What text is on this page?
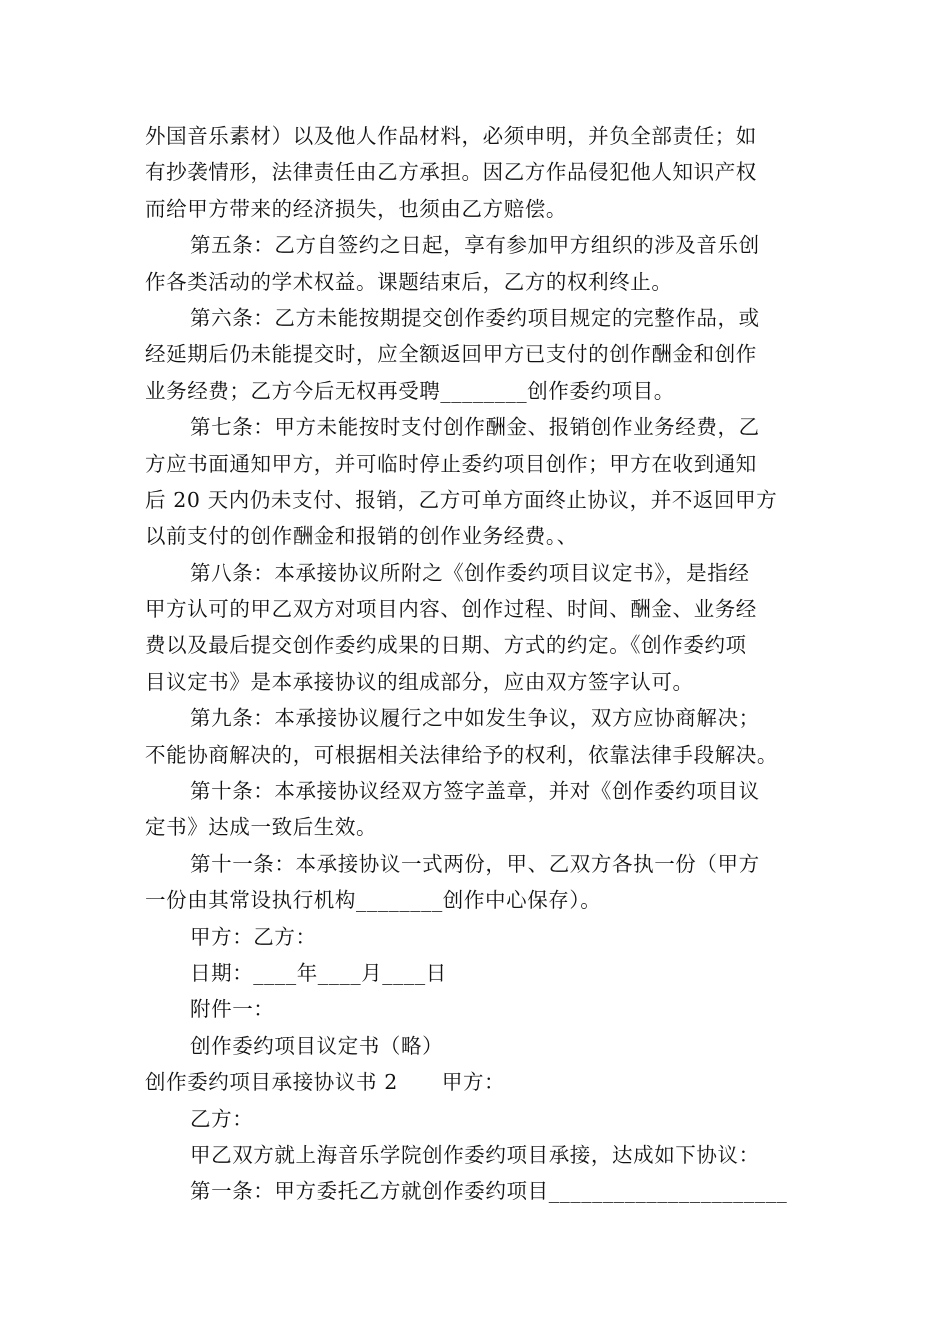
外国音乐素材）以及他人作品材料，必须申明，并负全部责任；如
有抄袭情形，法律责任由乙方承担。因乙方作品侵犯他人知识产权
而给甲方带来的经济损失，也须由乙方赔偿。
第五条：乙方自签约之日起，享有参加甲方组织的涉及音乐创
作各类活动的学术权益。课题结束后，乙方的权利终止。
第六条：乙方未能按期提交创作委约项目规定的完整作品，或
经延期后仍未能提交时，应全额返回甲方已支付的创作酬金和创作
业务经费；乙方今后无权再受聘________创作委约项目。
第七条：甲方未能按时支付创作酬金、报销创作业务经费，乙
方应书面通知甲方，并可临时停止委约项目创作；甲方在收到通知
后 20 天内仍未支付、报销，乙方可单方面终止协议，并不返回甲方
以前支付的创作酬金和报销的创作业务经费。、
第八条：本承接协议所附之《创作委约项目议定书》，是指经
甲方认可的甲乙双方对项目内容、创作过程、时间、酬金、业务经
费以及最后提交创作委约成果的日期、方式的约定。《创作委约项
目议定书》是本承接协议的组成部分，应由双方签字认可。
第九条：本承接协议履行之中如发生争议，双方应协商解决；
不能协商解决的，可根据相关法律给予的权利，依靠法律手段解决。
第十条：本承接协议经双方签字盖章，并对《创作委约项目议
定书》达成一致后生效。
第十一条：本承接协议一式两份，甲、乙双方各执一份（甲方
一份由其常设执行机构________创作中心保存）。
甲方：乙方：
日期：____年____月____日
附件一：
创作委约项目议定书（略）
创作委约项目承接协议书 2 甲方：
乙方：
甲乙双方就上海音乐学院创作委约项目承接，达成如下协议：
第一条：甲方委托乙方就创作委约项目______________________
